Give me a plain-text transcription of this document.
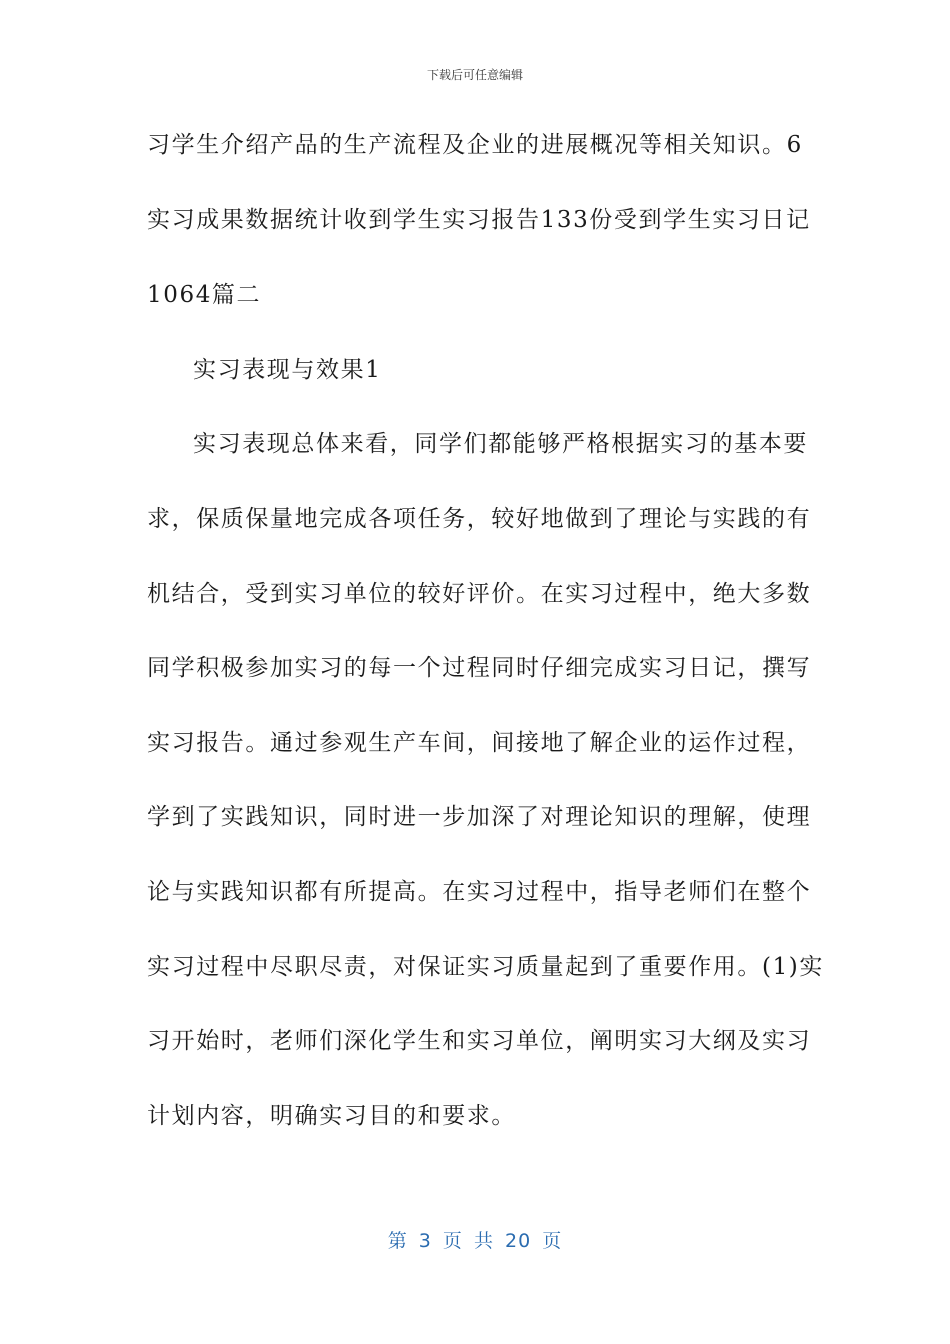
下载后可任意编辑
习学生介绍产品的生产流程及企业的进展概况等相关知识。6
实习成果数据统计收到学生实习报告133份受到学生实习日记
1064篇二
实习表现与效果1
实习表现总体来看，同学们都能够严格根据实习的基本要
求，保质保量地完成各项任务，较好地做到了理论与实践的有
机结合，受到实习单位的较好评价。在实习过程中，绝大多数
同学积极参加实习的每一个过程同时仔细完成实习日记，撰写
实习报告。通过参观生产车间，间接地了解企业的运作过程，
学到了实践知识，同时进一步加深了对理论知识的理解，使理
论与实践知识都有所提高。在实习过程中，指导老师们在整个
实习过程中尽职尽责，对保证实习质量起到了重要作用。(1)实
习开始时，老师们深化学生和实习单位，阐明实习大纲及实习
计划内容，明确实习目的和要求。
第 3 页 共 20 页
